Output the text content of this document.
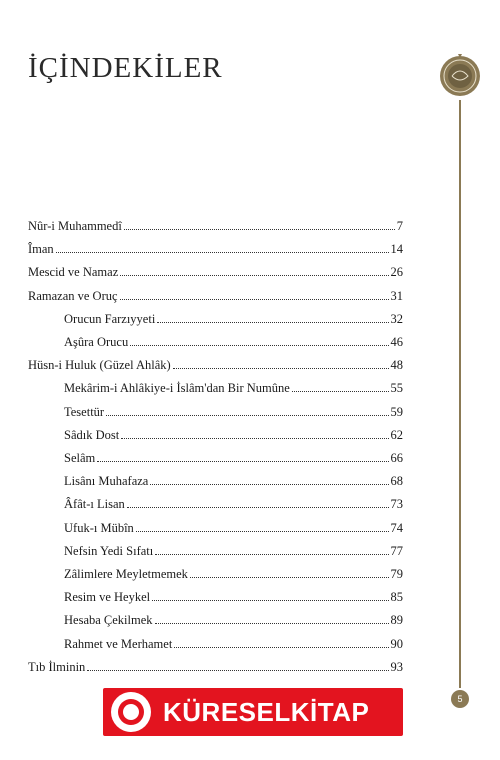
İÇİNDEKİLER
Nûr-i Muhammedî	7
Îman	14
Mescid ve Namaz	26
Ramazan ve Oruç	31
Orucun Farzıyyeti	32
Aşûra Orucu	46
Hüsn-i Huluk (Güzel Ahlâk)	48
Mekârim-i Ahlâkiye-i İslâm'dan Bir Numûne	55
Tesettür	59
Sâdık Dost	62
Selâm	66
Lisânı Muhafaza	68
Âfât-ı Lisan	73
Ufuk-ı Mübîn	74
Nefsin Yedi Sıfatı	77
Zâlimlere Meyletmemek	79
Resim ve Heykel	85
Hesaba Çekilmek	89
Rahmet ve Merhamet	90
Tıb İlminin	93
5
KÜRESELKİTAP
